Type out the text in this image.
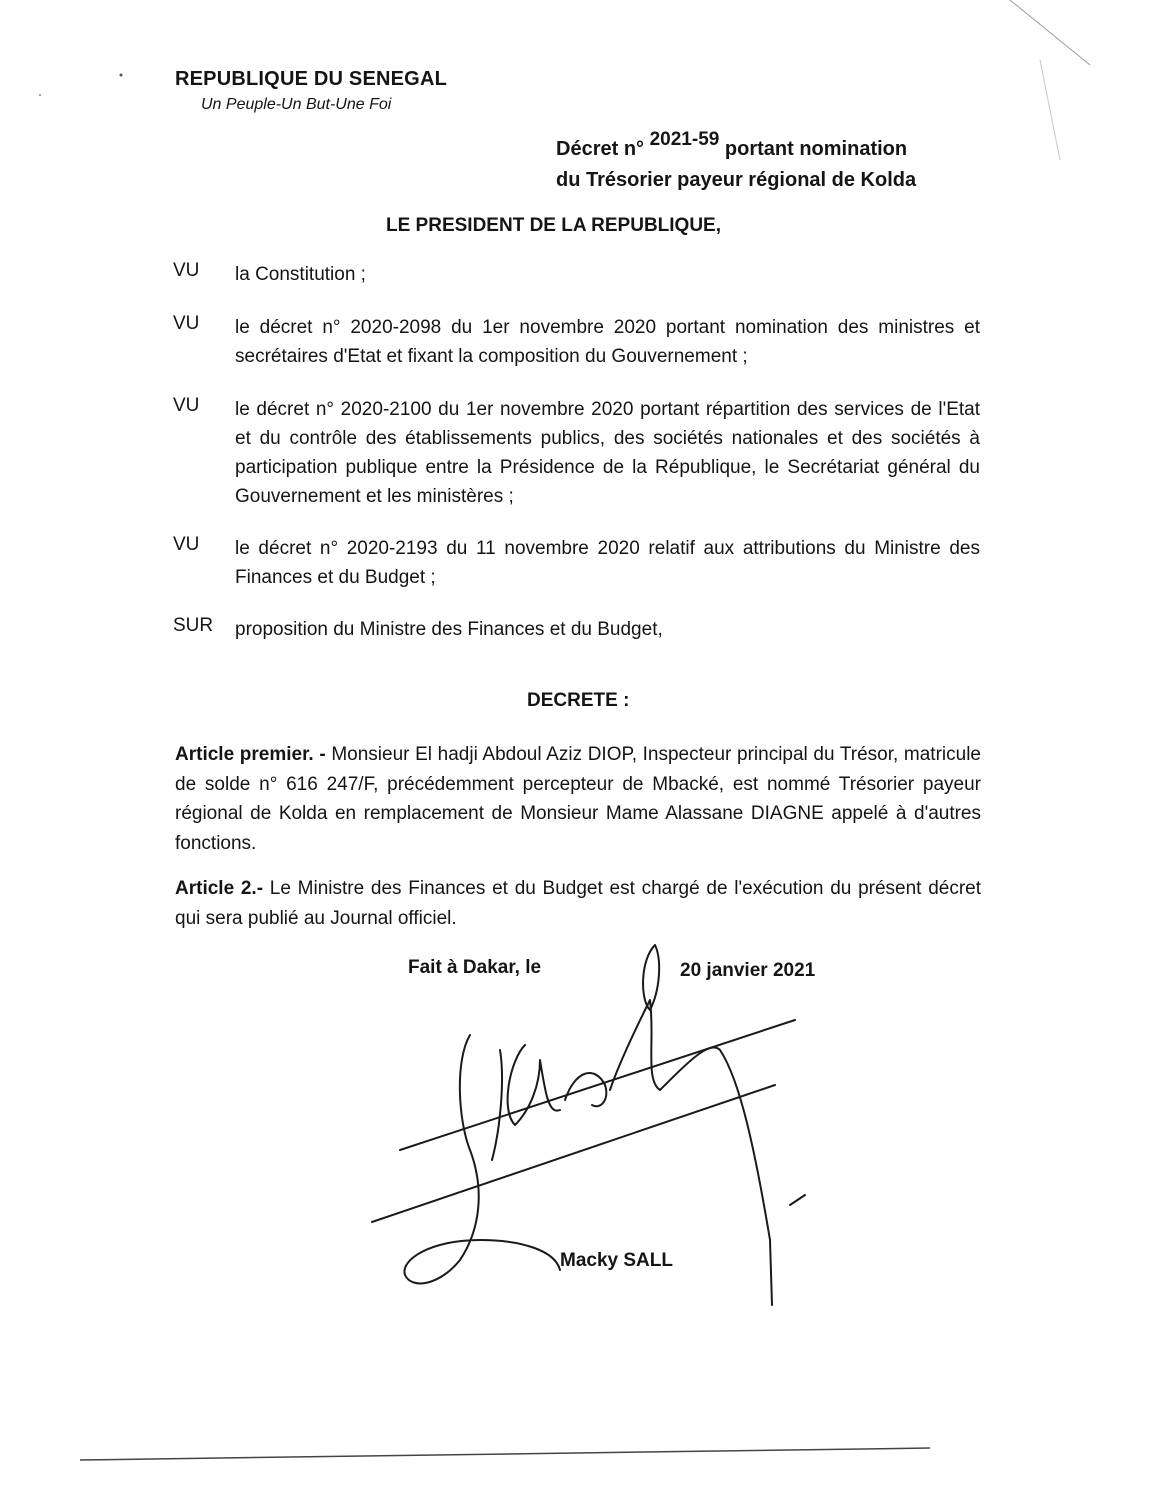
REPUBLIQUE DU SENEGAL
Un Peuple-Un But-Une Foi
Décret n° 2021-59 portant nomination
du Trésorier payeur régional de Kolda
LE PRESIDENT DE LA REPUBLIQUE,
VU la Constitution ;
VU le décret n° 2020-2098 du 1er novembre 2020 portant nomination des ministres et secrétaires d'Etat et fixant la composition du Gouvernement ;
VU le décret n° 2020-2100 du 1er novembre 2020 portant répartition des services de l'Etat et du contrôle des établissements publics, des sociétés nationales et des sociétés à participation publique entre la Présidence de la République, le Secrétariat général du Gouvernement et les ministères ;
VU le décret n° 2020-2193 du 11 novembre 2020 relatif aux attributions du Ministre des Finances et du Budget ;
SUR proposition du Ministre des Finances et du Budget,
DECRETE :
Article premier. - Monsieur El hadji Abdoul Aziz DIOP, Inspecteur principal du Trésor, matricule de solde n° 616 247/F, précédemment percepteur de Mbacké, est nommé Trésorier payeur régional de Kolda en remplacement de Monsieur Mame Alassane DIAGNE appelé à d'autres fonctions.
Article 2.- Le Ministre des Finances et du Budget est chargé de l'exécution du présent décret qui sera publié au Journal officiel.
Fait à Dakar, le	20 janvier 2021
Macky SALL
